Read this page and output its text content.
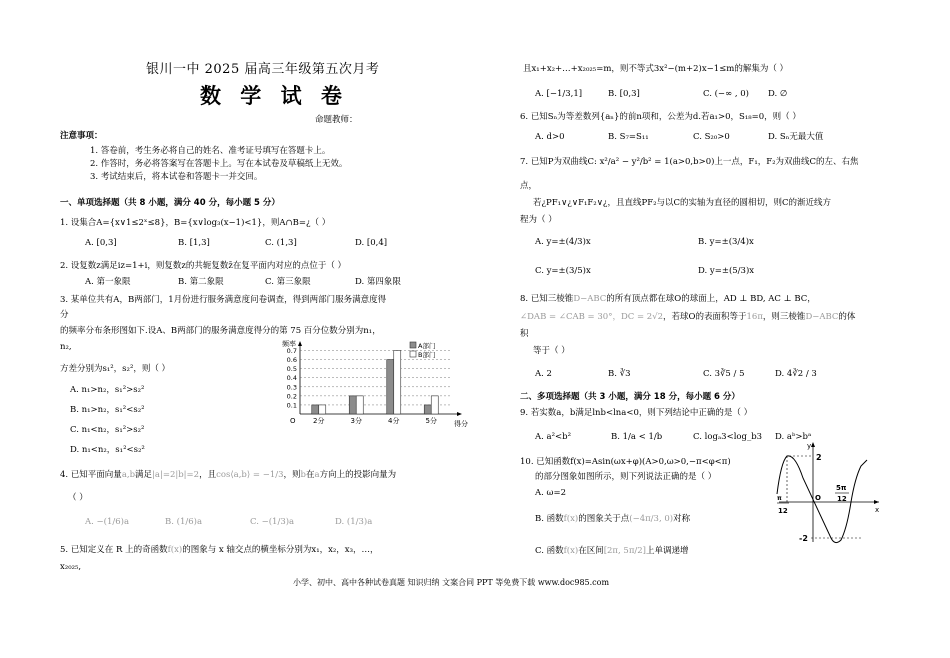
银川一中 2025 届高三年级第五次月考
数 学 试 卷
命题教师：
注意事项：
1. 答卷前，考生务必将自己的姓名、准考证号填写在答题卡上。
2. 作答时，务必将答案写在答题卡上。写在本试卷及草稿纸上无效。
3. 考试结束后，将本试卷和答题卡一并交回。
一、单项选择题（共 8 小题，满分 40 分，每小题 5 分）
1. 设集合A={x∨1≤2ˣ≤8}，B={x∨log₃(x−1)<1}，则A∩B=¿（ ）
A. [0,3]	B. [1,3]	C. (1,3]	D. [0,4]
2. 设复数z满足iz=1+i，则复数z的共轭复数z̄在复平面内对应的点位于（ ）
A. 第一象限	B. 第二象限	C. 第三象限	D. 第四象限
3. 某单位共有A，B两部门，1月份进行服务满意度问卷调查，得到两部门服务满意度得
分
的频率分布条形图如下.设A、B两部门的服务满意度得分的第 75 百分位数分别为n₁，
n₂,
方差分别为s₁²，s₂²，则（ ）
A. n₁>n₂，s₁²>s₂²
B. n₁>n₂，s₁²<s₂²
C. n₁<n₂，s₁²>s₂²
D. n₁<n₂，s₁²<s₂²
0.1
0.2
0.3
0.4
0.5
0.6
0.7
频率
O	2分	3分	4分	5分 得分
A部门
B部门
4. 已知平面向量a,b满足|a|=2|b|=2，且cos⟨a,b⟩ = −1/3，则b在a方向上的投影向量为
（ ）
A. −(1/6)a	B. (1/6)a	C. −(1/3)a	D. (1/3)a
5. 已知定义在 R 上的奇函数f(x)的图象与 x 轴交点的横坐标分别为x₁，x₂，x₃，…，
x₂₀₂₅,
且x₁+x₂+…+x₂₀₂₅=m，则不等式3x²−(m+2)x−1≤m的解集为（ ）
A. [−1/3,1]	B. [0,3]	C. (−∞ , 0) D. ∅
6. 已知Sₙ为等差数列{aₙ}的前n项和，公差为d.若a₁>0，S₁₈=0，则（ ）
A. d>0	B. S₇=S₁₁	C. S₂₀>0	D. Sₙ无最大值
7. 已知P为双曲线C: x²/a² − y²/b² = 1(a>0,b>0)上一点，F₁，F₂为双曲线C的左、右焦
点，
若¿PF₁∨¿∨F₁F₂∨¿，且直线PF₂与以C的实轴为直径的圆相切，则C的渐近线方
程为（ ）
A. y=±(4/3)x	B. y=±(3/4)x
C. y=±(3/5)x	D. y=±(5/3)x
8. 已知三棱锥D−ABC的所有顶点都在球O的球面上，AD ⊥ BD, AC ⊥ BC，
∠DAB = ∠CAB = 30°，DC = 2√2，若球O的表面积等于16π，则三棱锥D−ABC的体
积
等于（ ）
A. 2	B. ∛3	C. 3∛5 / 5	D. 4∛2 / 3
二、多项选择题（共 3 小题，满分 18 分，每小题 6 分）
9. 若实数a，b满足lnb<lna<0，则下列结论中正确的是（ ）
A. a²<b²	B. 1/a < 1/b	C. logₐ3<log_b3 D. aᵇ>bᵃ
10. 已知函数f(x)=Asin(ωx+φ)(A>0,ω>0,−π<φ<π)
的部分图象如图所示，则下列说法正确的是（ ）
A. ω=2
B. 函数f(x)的图象关于点(−4π/3, 0)对称
C. 函数f(x)在区间[2π, 5π/2]上单调递增
y
x
O
2
-2
π
12
5π
12
小学、初中、高中各种试卷真题 知识归纳 文案合同 PPT 等免费下载 www.doc985.com
